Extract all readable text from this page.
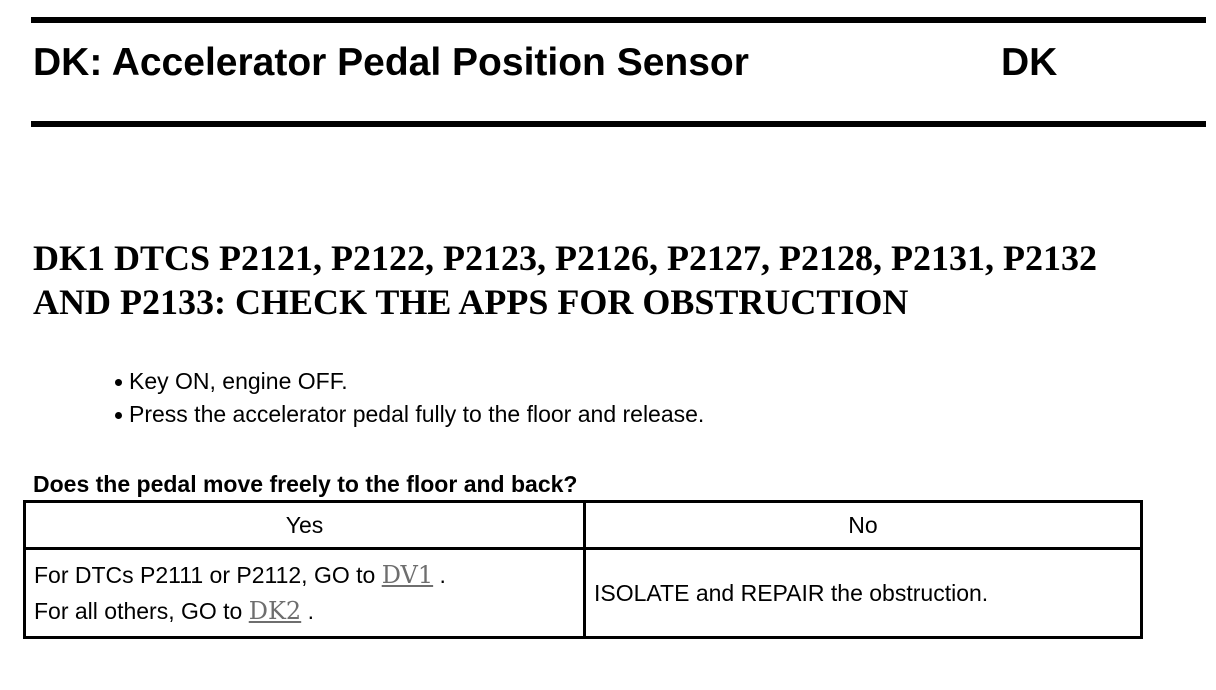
DK: Accelerator Pedal Position Sensor	DK
DK1 DTCS P2121, P2122, P2123, P2126, P2127, P2128, P2131, P2132
AND P2133: CHECK THE APPS FOR OBSTRUCTION
Key ON, engine OFF.
Press the accelerator pedal fully to the floor and release.
Does the pedal move freely to the floor and back?
Yes	No

For DTCs P2111 or P2112, GO to DV1 .
For all others, GO to DK2 .	ISOLATE and REPAIR the obstruction.
